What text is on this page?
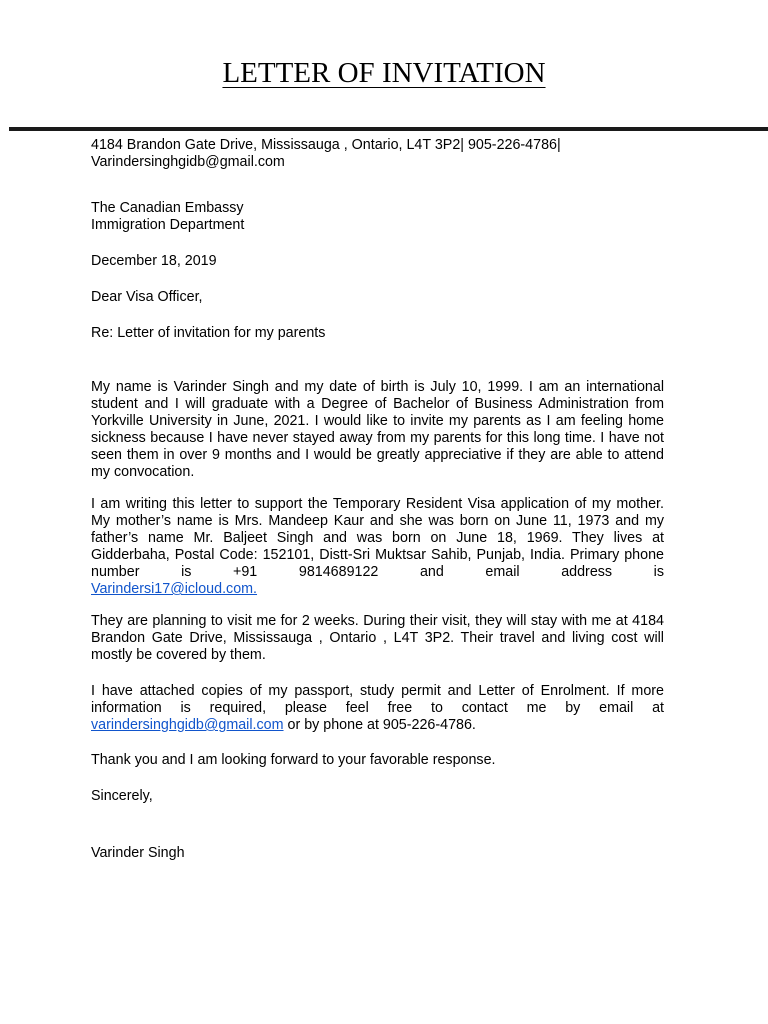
LETTER OF INVITATION
4184 Brandon Gate Drive, Mississauga , Ontario, L4T 3P2| 905-226-4786|
Varindersinghgidb@gmail.com
The Canadian Embassy
Immigration Department
December 18, 2019
Dear Visa Officer,
Re: Letter of invitation for my parents
My name is Varinder Singh and my date of birth is July 10, 1999. I am an international student and I will graduate with a Degree of Bachelor of Business Administration from Yorkville University in June, 2021. I would like to invite my parents as I am feeling home sickness because I have never stayed away from my parents for this long time. I have not seen them in over 9 months and I would be greatly appreciative if they are able to attend my convocation.
I am writing this letter to support the Temporary Resident Visa application of my mother. My mother’s name is Mrs. Mandeep Kaur and she was born on June 11, 1973 and my father’s name Mr. Baljeet Singh and was born on June 18, 1969. They lives at Gidderbaha, Postal Code: 152101, Distt-Sri Muktsar Sahib, Punjab, India. Primary phone number is +91 9814689122 and email address is
Varindersi17@icloud.com.
They are planning to visit me for 2 weeks. During their visit, they will stay with me at 4184 Brandon Gate Drive, Mississauga , Ontario , L4T 3P2. Their travel and living cost will mostly be covered by them.
I have attached copies of my passport, study permit and Letter of Enrolment. If more information is required, please feel free to contact me by email at
varindersinghgidb@gmail.com or by phone at 905-226-4786.
Thank you and I am looking forward to your favorable response.
Sincerely,
Varinder Singh
